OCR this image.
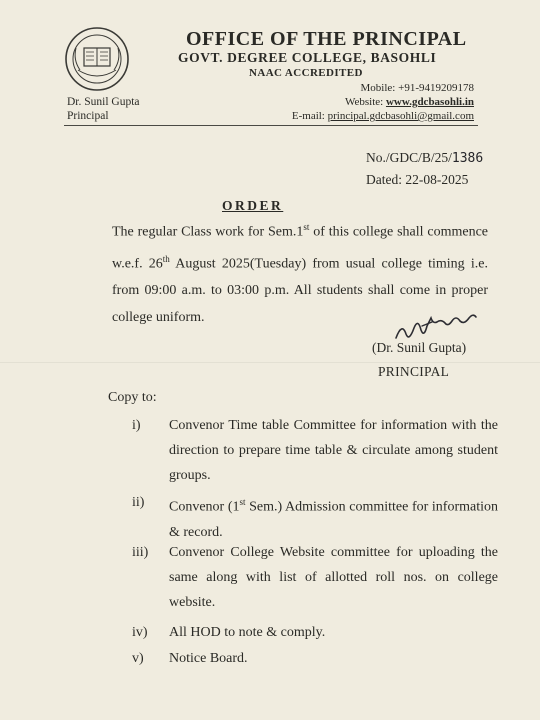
OFFICE OF THE PRINCIPAL
GOVT. DEGREE COLLEGE, BASOHLI
NAAC ACCREDITED
Mobile: +91-9419209178
Website: www.gdcbasohli.in
E-mail: principal.gdcbasohli@gmail.com
Dr. Sunil Gupta
Principal
No./GDC/B/25/1386
Dated: 22-08-2025
ORDER
The regular Class work for Sem.1st of this college shall commence w.e.f. 26th August 2025(Tuesday) from usual college timing i.e. from 09:00 a.m. to 03:00 p.m. All students shall come in proper college uniform.
(Dr. Sunil Gupta)
PRINCIPAL
Copy to:
i)	Convenor Time table Committee for information with the direction to prepare time table & circulate among student groups.
ii)	Convenor (1st Sem.) Admission committee for information & record.
iii)	Convenor College Website committee for uploading the same along with list of allotted roll nos. on college website.
iv)	All HOD to note & comply.
v)	Notice Board.
